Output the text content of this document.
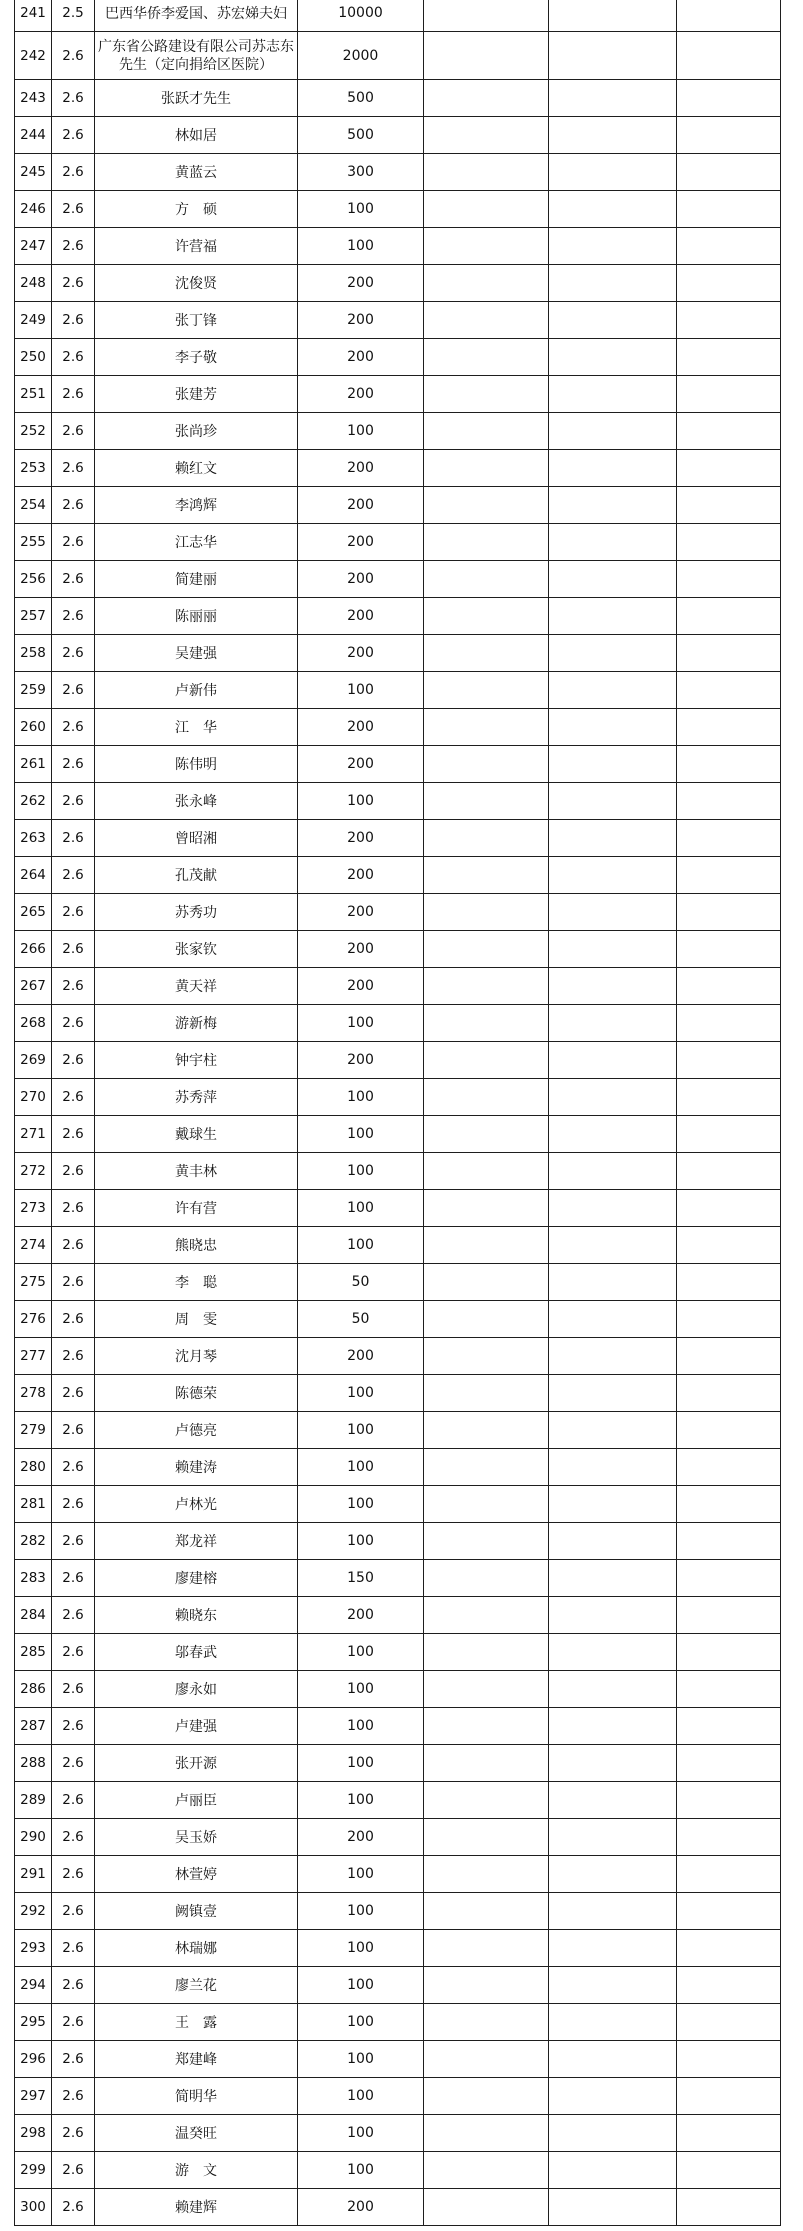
241	2.5	巴西华侨李爱国、苏宏娣夫妇	10000			
242	2.6	广东省公路建设有限公司苏志东先生（定向捐给区医院）	2000			
243	2.6	张跃才先生	500			
244	2.6	林如居	500			
245	2.6	黄蓝云	300			
246	2.6	方　硕	100			
247	2.6	许营福	100			
248	2.6	沈俊贤	200			
249	2.6	张丁锋	200			
250	2.6	李子敬	200			
251	2.6	张建芳	200			
252	2.6	张尚珍	100			
253	2.6	赖红文	200			
254	2.6	李鸿辉	200			
255	2.6	江志华	200			
256	2.6	简建丽	200			
257	2.6	陈丽丽	200			
258	2.6	吴建强	200			
259	2.6	卢新伟	100			
260	2.6	江　华	200			
261	2.6	陈伟明	200			
262	2.6	张永峰	100			
263	2.6	曾昭湘	200			
264	2.6	孔茂献	200			
265	2.6	苏秀功	200			
266	2.6	张家钦	200			
267	2.6	黄天祥	200			
268	2.6	游新梅	100			
269	2.6	钟宇柱	200			
270	2.6	苏秀萍	100			
271	2.6	戴球生	100			
272	2.6	黄丰林	100			
273	2.6	许有营	100			
274	2.6	熊晓忠	100			
275	2.6	李　聪	50			
276	2.6	周　雯	50			
277	2.6	沈月琴	200			
278	2.6	陈德荣	100			
279	2.6	卢德亮	100			
280	2.6	赖建涛	100			
281	2.6	卢林光	100			
282	2.6	郑龙祥	100			
283	2.6	廖建榕	150			
284	2.6	赖晓东	200			
285	2.6	邬春武	100			
286	2.6	廖永如	100			
287	2.6	卢建强	100			
288	2.6	张开源	100			
289	2.6	卢丽臣	100			
290	2.6	吴玉娇	200			
291	2.6	林萱婷	100			
292	2.6	阙镇壹	100			
293	2.6	林瑞娜	100			
294	2.6	廖兰花	100			
295	2.6	王　露	100			
296	2.6	郑建峰	100			
297	2.6	简明华	100			
298	2.6	温癸旺	100			
299	2.6	游　文	100			
300	2.6	赖建辉	200			
